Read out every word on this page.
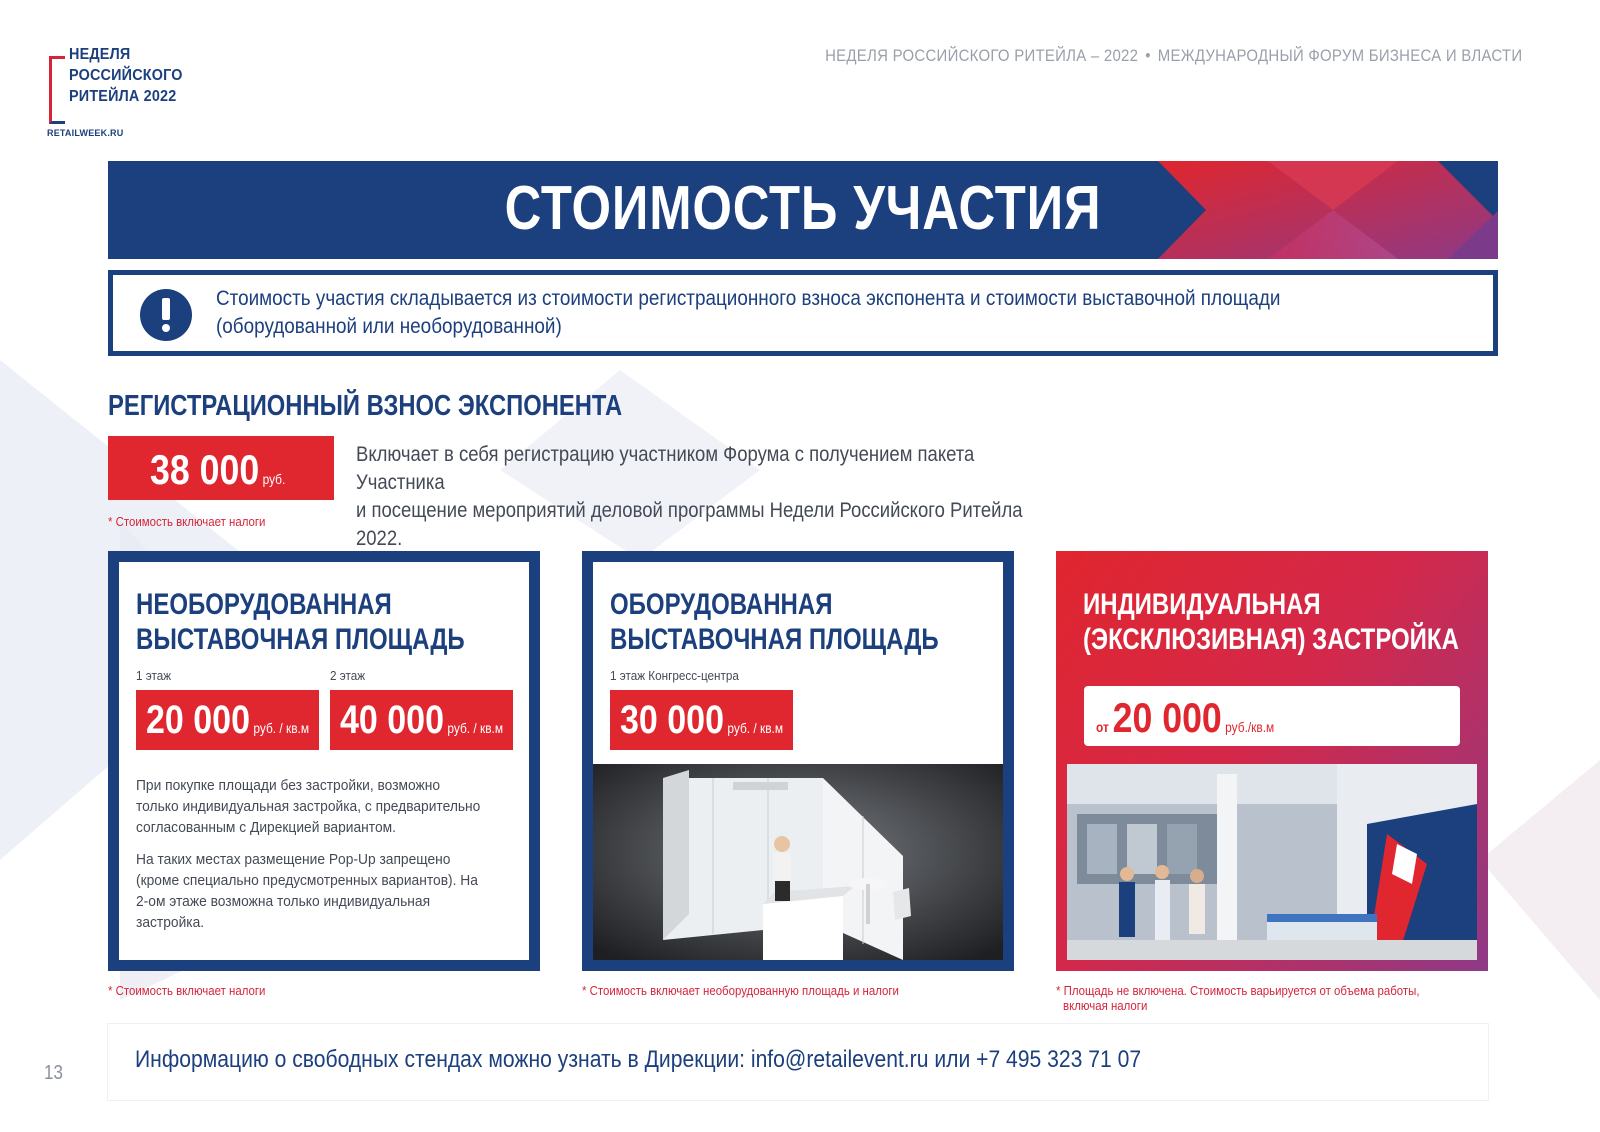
НЕДЕЛЯ
РОССИЙСКОГО
РИТЕЙЛА 2022
RETAILWEEK.RU
НЕДЕЛЯ РОССИЙСКОГО РИТЕЙЛА – 2022 • МЕЖДУНАРОДНЫЙ ФОРУМ БИЗНЕСА И ВЛАСТИ
СТОИМОСТЬ УЧАСТИЯ
Стоимость участия складывается из стоимости регистрационного взноса экспонента и стоимости выставочной площади
(оборудованной или необорудованной)
РЕГИСТРАЦИОННЫЙ ВЗНОС ЭКСПОНЕНТА
38 000 руб.
Включает в себя регистрацию участником Форума с получением пакета Участника
и посещение мероприятий деловой программы Недели Российского Ритейла 2022.
* Стоимость включает налоги
НЕОБОРУДОВАННАЯ
ВЫСТАВОЧНАЯ ПЛОЩАДЬ
1 этаж	2 этаж
20 000 руб. / кв.м 40 000 руб. / кв.м
При покупке площади без застройки, возможно только индивидуальная застройка, с предварительно согласованным с Дирекцией вариантом.
На таких местах размещение Pop-Up запрещено (кроме специально предусмотренных вариантов). На 2-ом этаже возможна только индивидуальная застройка.
* Стоимость включает налоги
ОБОРУДОВАННАЯ
ВЫСТАВОЧНАЯ ПЛОЩАДЬ
1 этаж Конгресс-центра
30 000 руб. / кв.м
* Стоимость включает необорудованную площадь и налоги
ИНДИВИДУАЛЬНАЯ
(ЭКСКЛЮЗИВНАЯ) ЗАСТРОЙКА
от 20 000 руб./кв.м
* Площадь не включена. Стоимость варьируется от объема работы,
включая налоги
Информацию о свободных стендах можно узнать в Дирекции: info@retailevent.ru или +7 495 323 71 07
13
